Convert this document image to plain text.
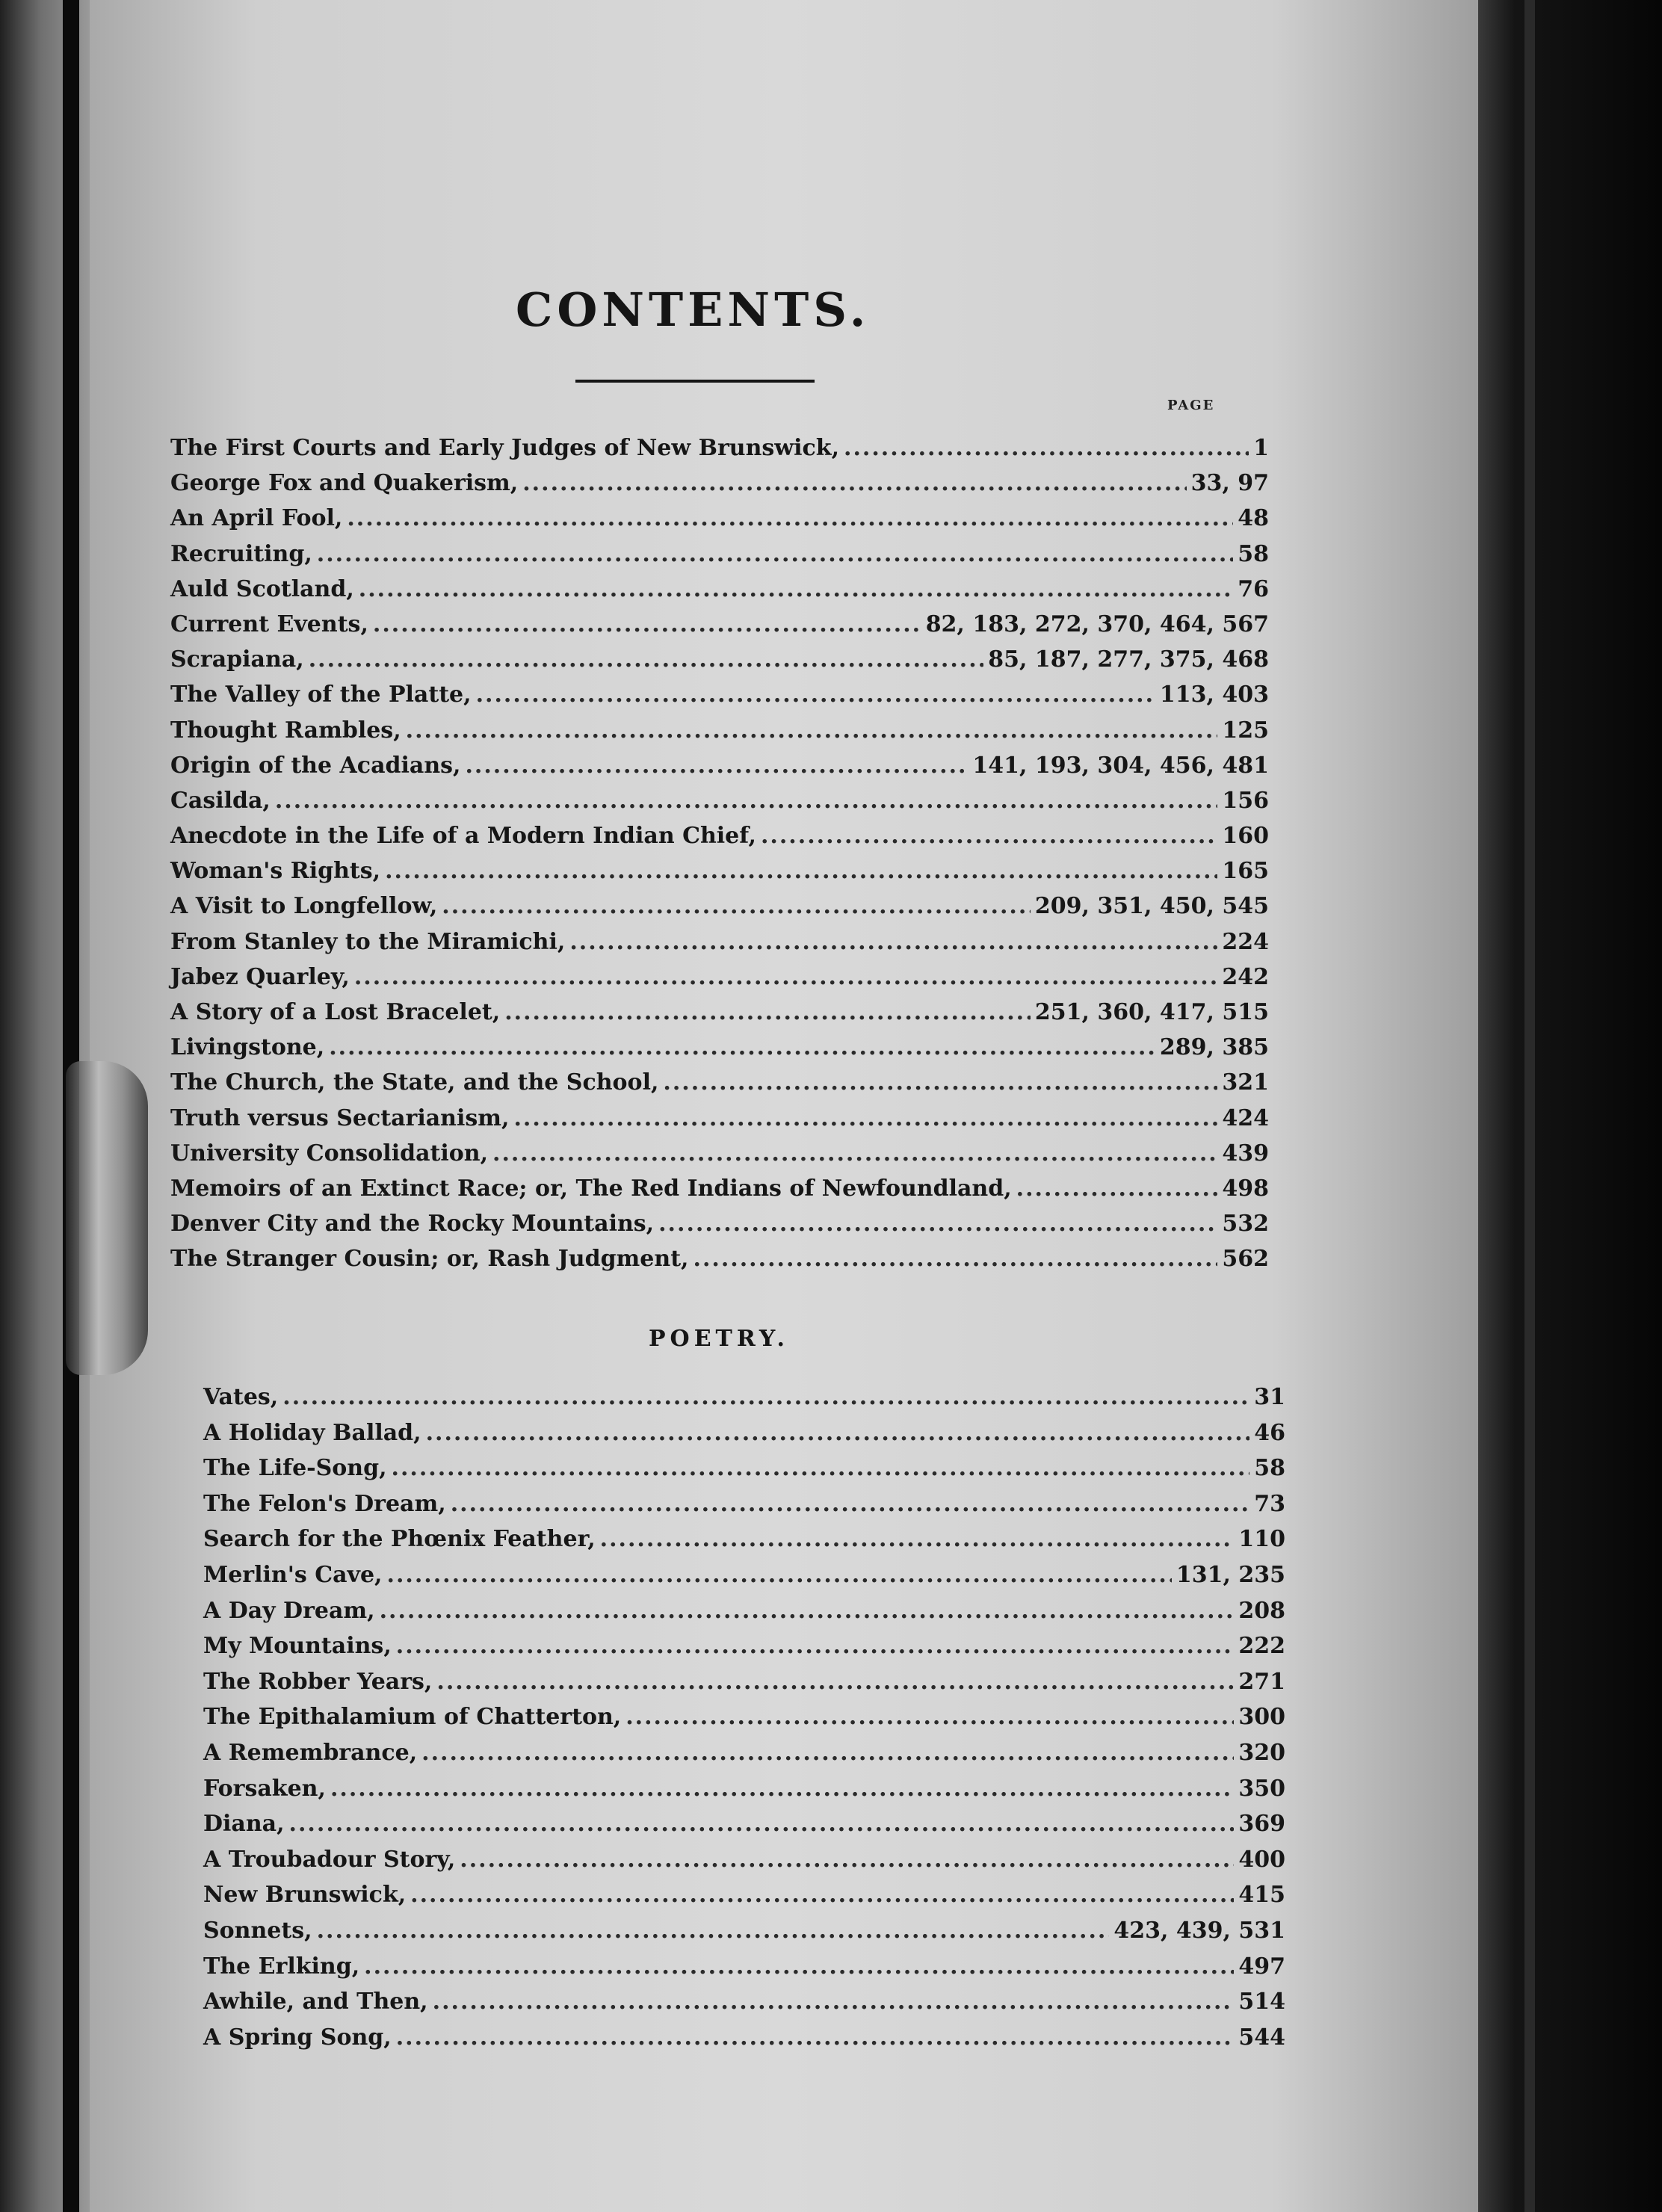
CONTENTS.
PAGE
The First Courts and Early Judges of New Brunswick, .....	1
George Fox and Quakerism, .....	33, 97
An April Fool, .....	48
Recruiting, .....	58
Auld Scotland, .....	76
Current Events, .....	82, 183, 272, 370, 464, 567
Scrapiana, .....	85, 187, 277, 375, 468
The Valley of the Platte, .....	113, 403
Thought Rambles, .....	125
Origin of the Acadians, .....	141, 193, 304, 456, 481
Casilda, .....	156
Anecdote in the Life of a Modern Indian Chief, .....	160
Woman's Rights, .....	165
A Visit to Longfellow, .....	209, 351, 450, 545
From Stanley to the Miramichi, .....	224
Jabez Quarley, .....	242
A Story of a Lost Bracelet, .....	251, 360, 417, 515
Livingstone, .....	289, 385
The Church, the State, and the School, .....	321
Truth versus Sectarianism, .....	424
University Consolidation, .....	439
Memoirs of an Extinct Race; or, The Red Indians of Newfoundland, .....	498
Denver City and the Rocky Mountains, .....	532
The Stranger Cousin; or, Rash Judgment, .....	562
POETRY.
Vates, .....	31
A Holiday Ballad, .....	46
The Life-Song, .....	58
The Felon's Dream, .....	73
Search for the Phœnix Feather, .....	110
Merlin's Cave, .....	131, 235
A Day Dream, .....	208
My Mountains, .....	222
The Robber Years, .....	271
The Epithalamium of Chatterton, .....	300
A Remembrance, .....	320
Forsaken, .....	350
Diana, .....	369
A Troubadour Story, .....	400
New Brunswick, .....	415
Sonnets, .....	423, 439, 531
The Erlking, .....	497
Awhile, and Then, .....	514
A Spring Song, .....	544
